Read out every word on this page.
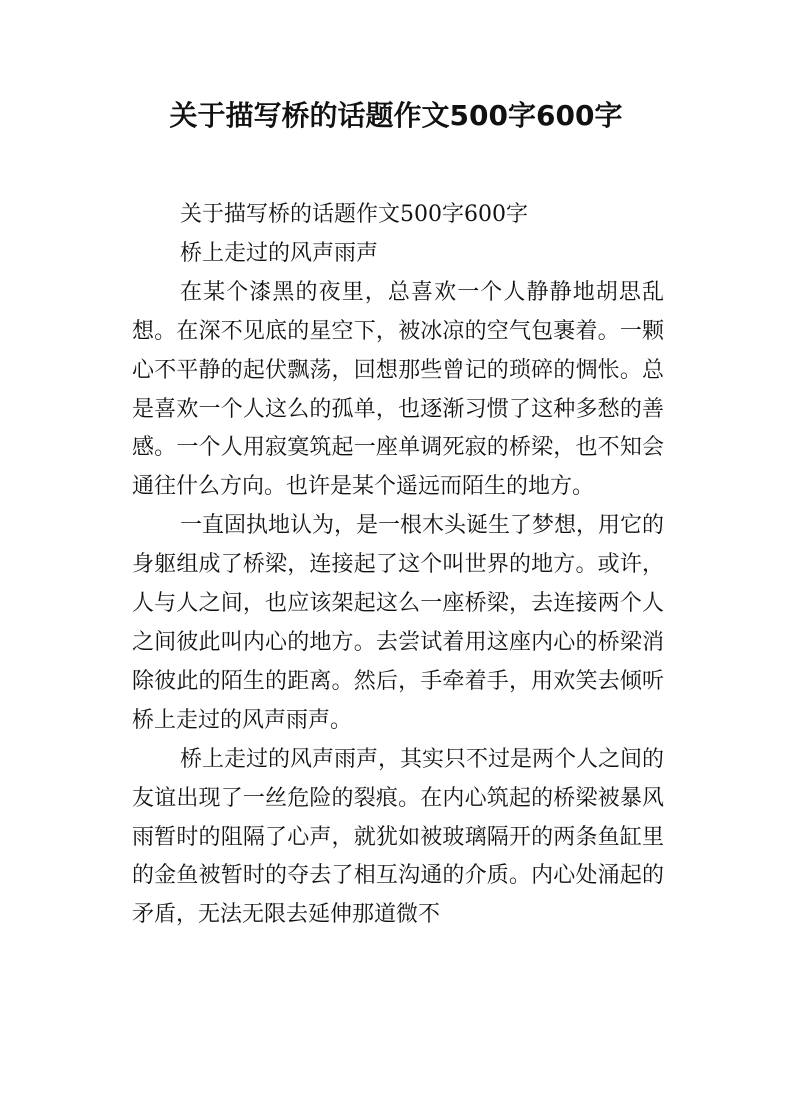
关于描写桥的话题作文500字600字

关于描写桥的话题作文500字600字

桥上走过的风声雨声

在某个漆黑的夜里，总喜欢一个人静静地胡思乱想。在深不见底的星空下，被冰凉的空气包裹着。一颗心不平静的起伏飘荡，回想那些曾记的琐碎的惆怅。总是喜欢一个人这么的孤单，也逐渐习惯了这种多愁的善感。一个人用寂寞筑起一座单调死寂的桥梁，也不知会通往什么方向。也许是某个遥远而陌生的地方。

一直固执地认为，是一根木头诞生了梦想，用它的身躯组成了桥梁，连接起了这个叫世界的地方。或许，人与人之间，也应该架起这么一座桥梁，去连接两个人之间彼此叫内心的地方。去尝试着用这座内心的桥梁消除彼此的陌生的距离。然后，手牵着手，用欢笑去倾听桥上走过的风声雨声。

桥上走过的风声雨声，其实只不过是两个人之间的友谊出现了一丝危险的裂痕。在内心筑起的桥梁被暴风雨暂时的阻隔了心声，就犹如被玻璃隔开的两条鱼缸里的金鱼被暂时的夺去了相互沟通的介质。内心处涌起的矛盾，无法无限去延伸那道微不
